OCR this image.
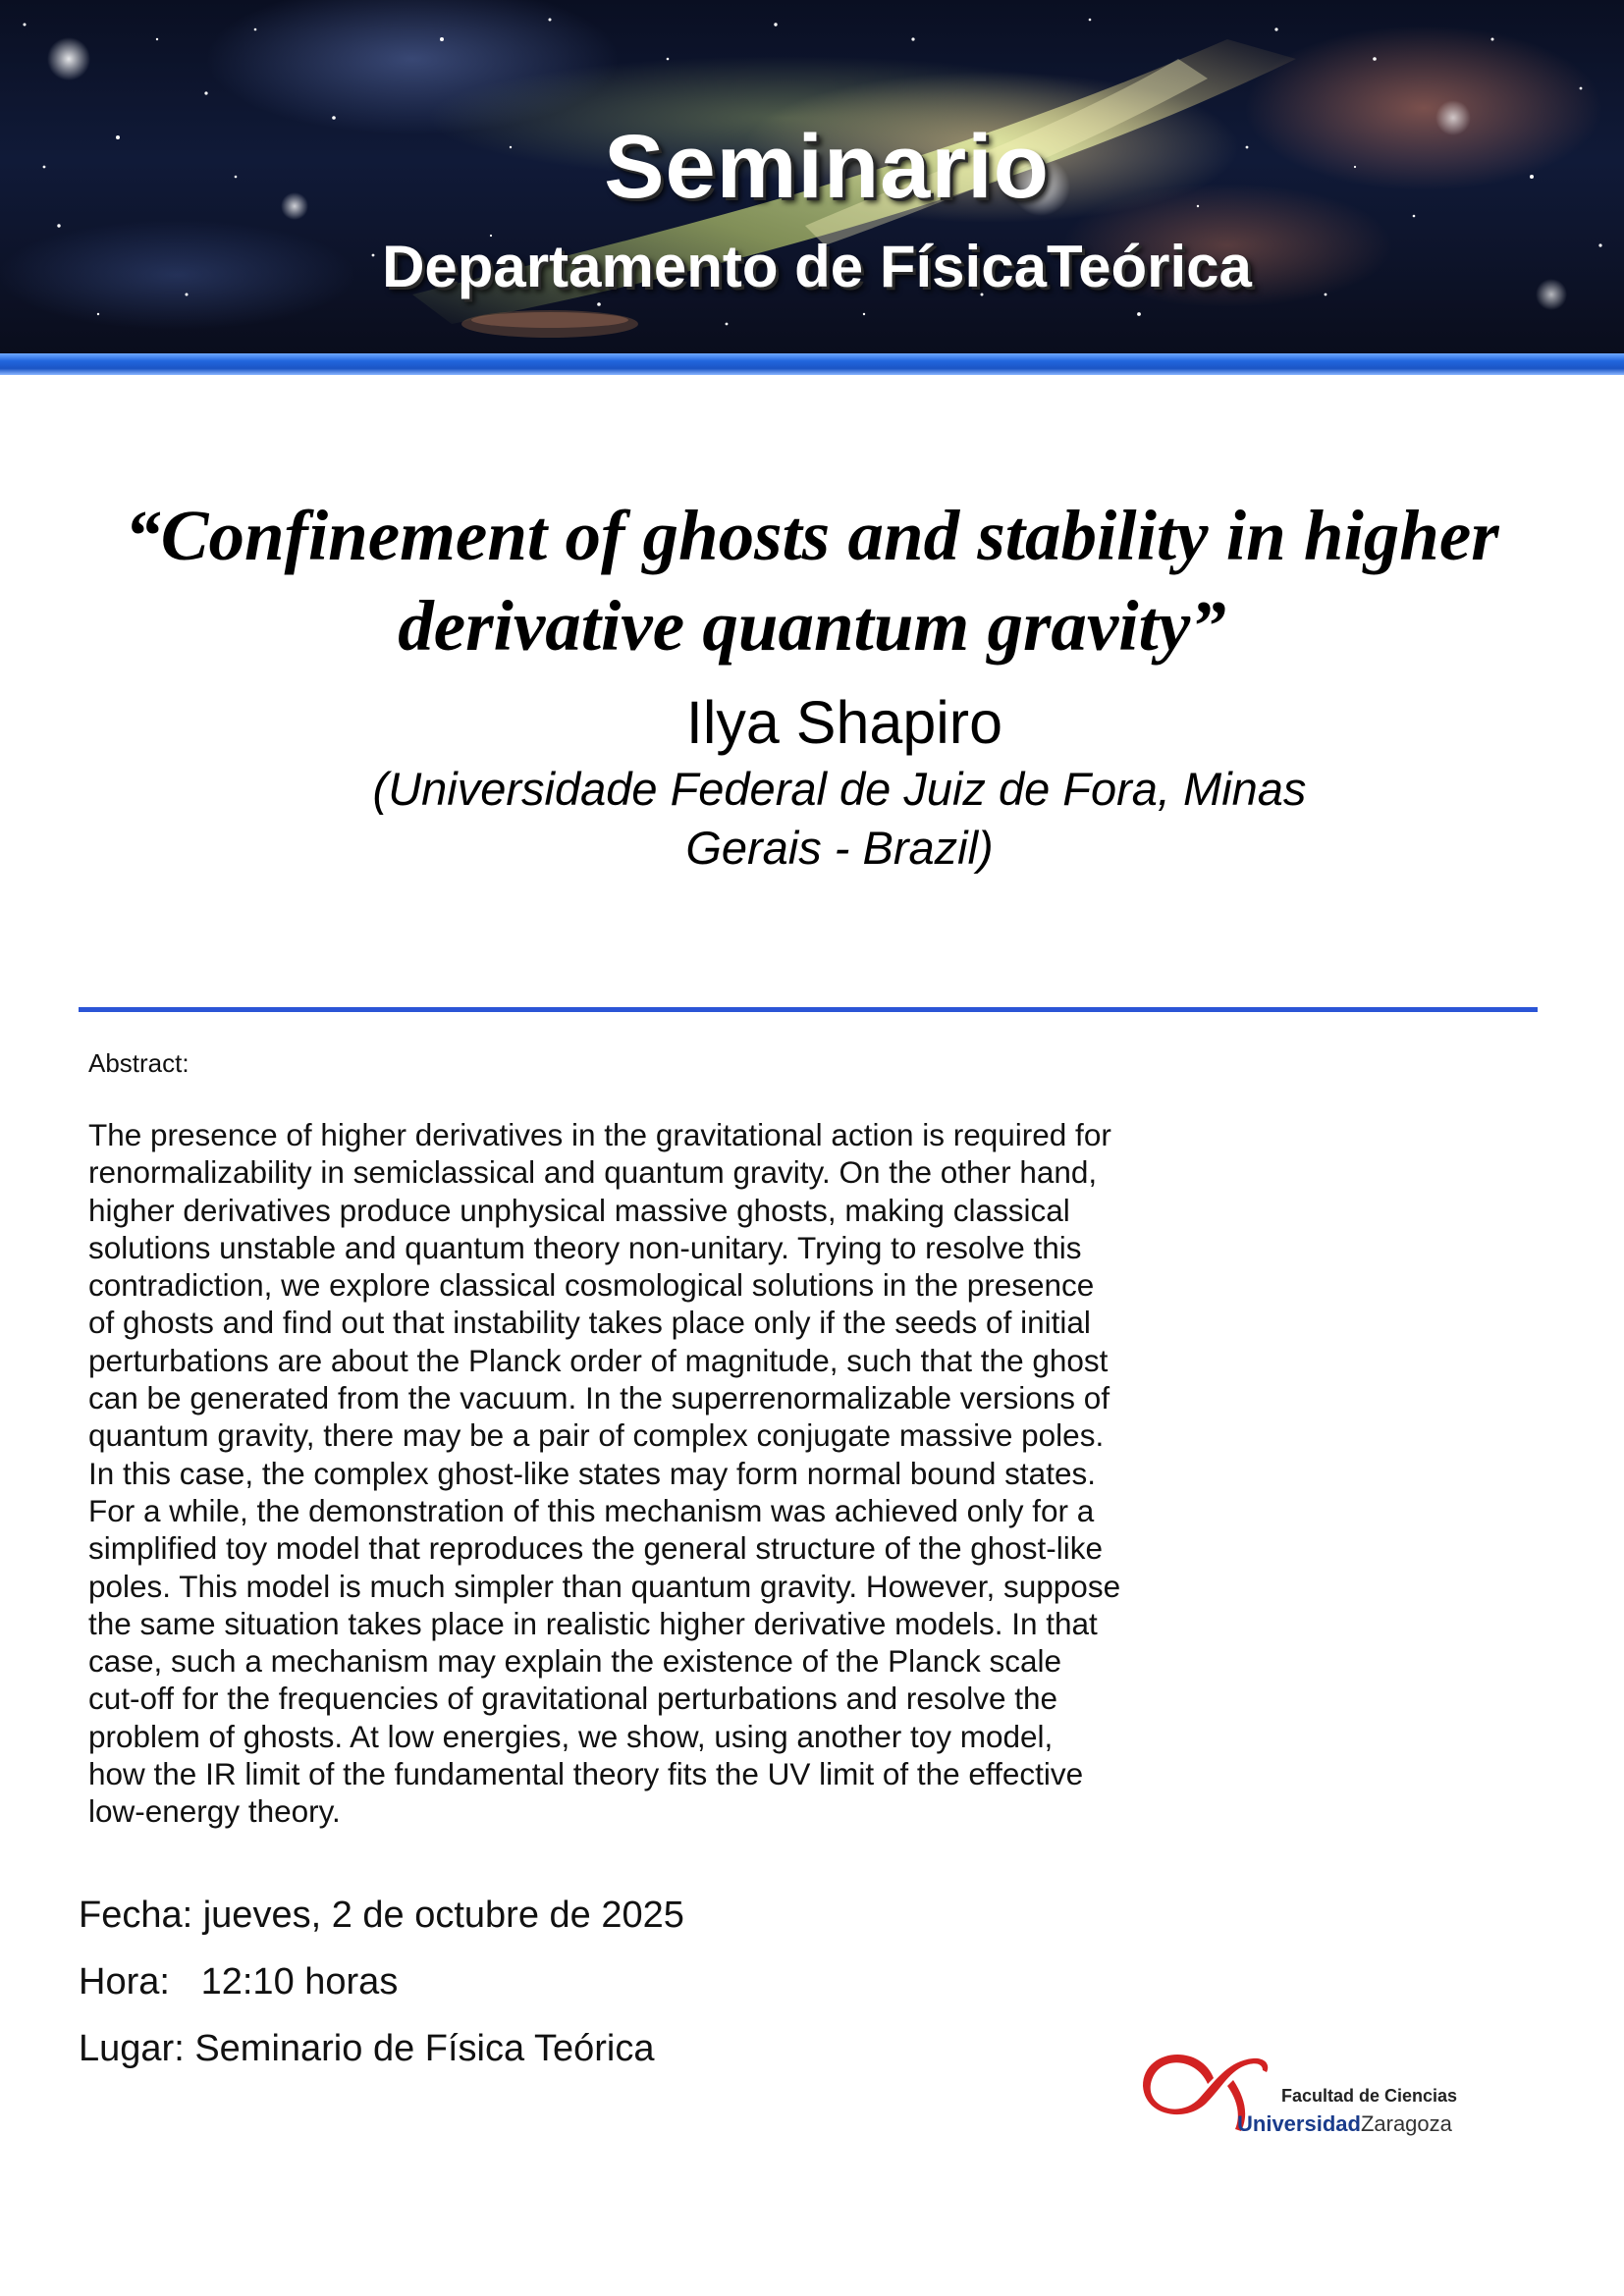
Seminario
Departamento de FísicaTeórica
“Confinement of ghosts and stability in higher
derivative quantum gravity”
Ilya Shapiro
(Universidade Federal de Juiz de Fora, Minas
Gerais - Brazil)
Abstract:
The presence of higher derivatives in the gravitational action is required for
renormalizability in semiclassical and quantum gravity. On the other hand,
higher derivatives produce unphysical massive ghosts, making classical
solutions unstable and quantum theory non-unitary. Trying to resolve this
contradiction, we explore classical cosmological solutions in the presence
of ghosts and find out that instability takes place only if the seeds of initial
perturbations are about the Planck order of magnitude, such that the ghost
can be generated from the vacuum. In the superrenormalizable versions of
quantum gravity, there may be a pair of complex conjugate massive poles.
In this case, the complex ghost-like states may form normal bound states.
For a while, the demonstration of this mechanism was achieved only for a
simplified toy model that reproduces the general structure of the ghost-like
poles. This model is much simpler than quantum gravity. However, suppose
the same situation takes place in realistic higher derivative models. In that
case, such a mechanism may explain the existence of the Planck scale
cut-off for the frequencies of gravitational perturbations and resolve the
problem of ghosts. At low energies, we show, using another toy model,
how the IR limit of the fundamental theory fits the UV limit of the effective
low-energy theory.
Fecha: jueves, 2 de octubre de 2025
Hora:   12:10 horas
Lugar: Seminario de Física Teórica
Facultad de Ciencias
UniversidadZaragoza
